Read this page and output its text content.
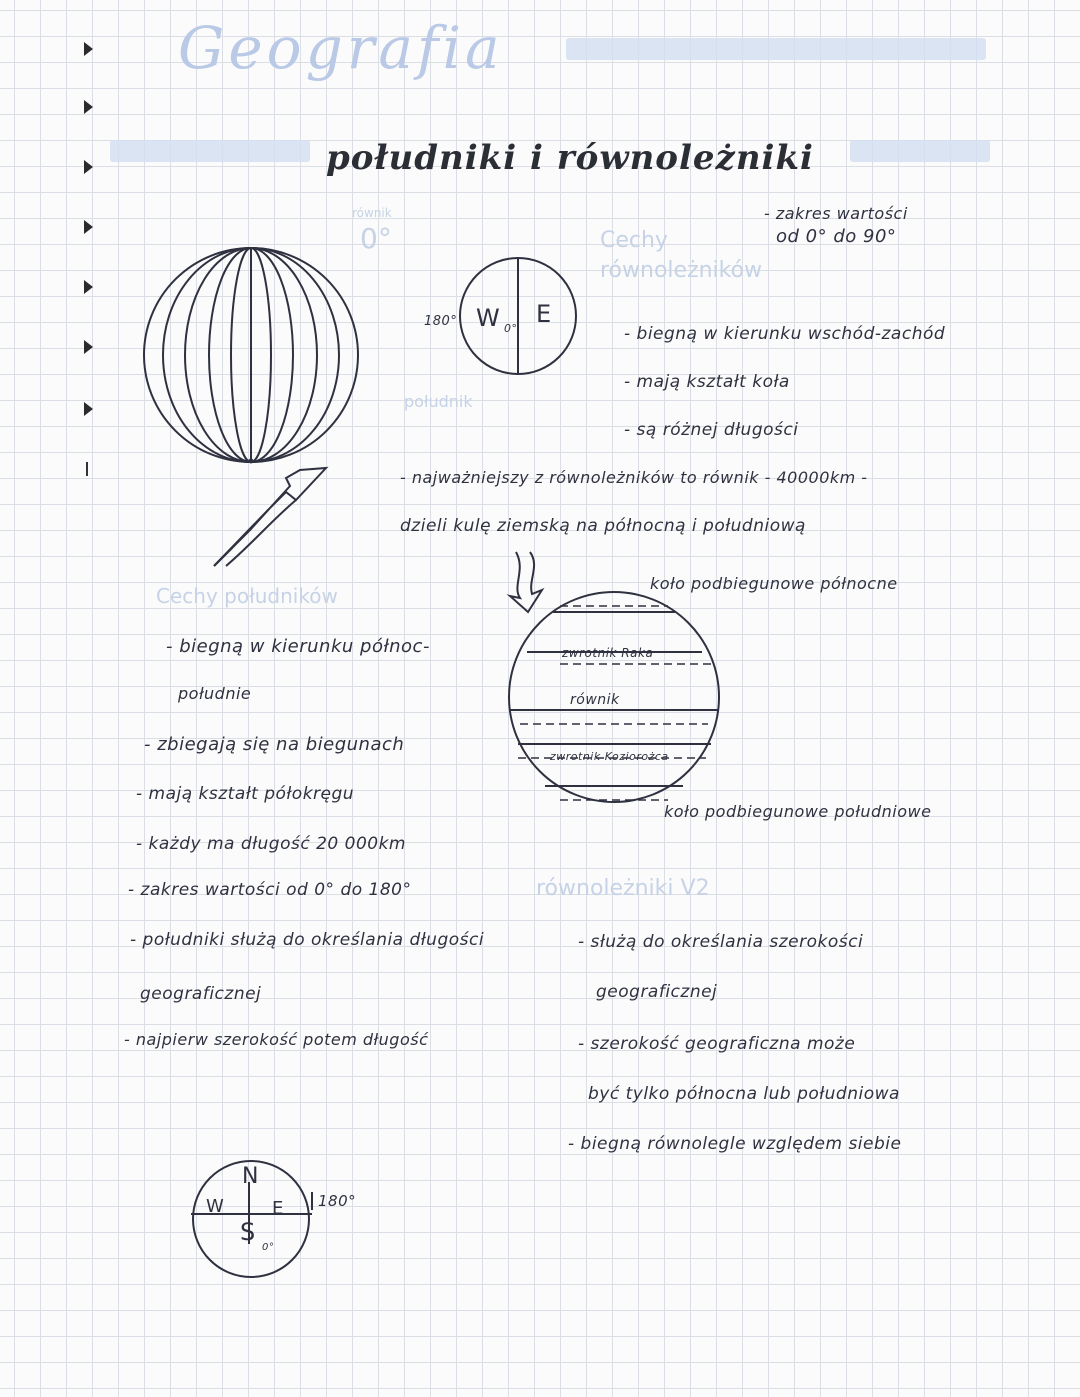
Geografia
południki i równoleżniki
równik
0°	Cechy równoleżników
południk
Cechy południków
równoleżniki V2
- zakres wartości
od 0° do 90°
180° W 0°
E
- biegną w kierunku wschód-zachód
- mają kształt koła
- są różnej długości
- najważniejszy z równoleżników to równik - 40000km -
dzieli kulę ziemską na północną i południową
koło podbiegunowe północne
zwrotnik Raka
równik
zwrotnik Koziorożca
koło podbiegunowe południowe
- biegną w kierunku północ-
południe
- zbiegają się na biegunach
- mają kształt półokręgu
- każdy ma długość 20 000km
- zakres wartości od 0° do 180°
- południki służą do określania długości
geograficznej
- najpierw szerokość potem długość
- służą do określania szerokości
geograficznej
- szerokość geograficzna może
być tylko północna lub południowa
- biegną równolegle względem siebie
N
W	E
S
0°
180°
